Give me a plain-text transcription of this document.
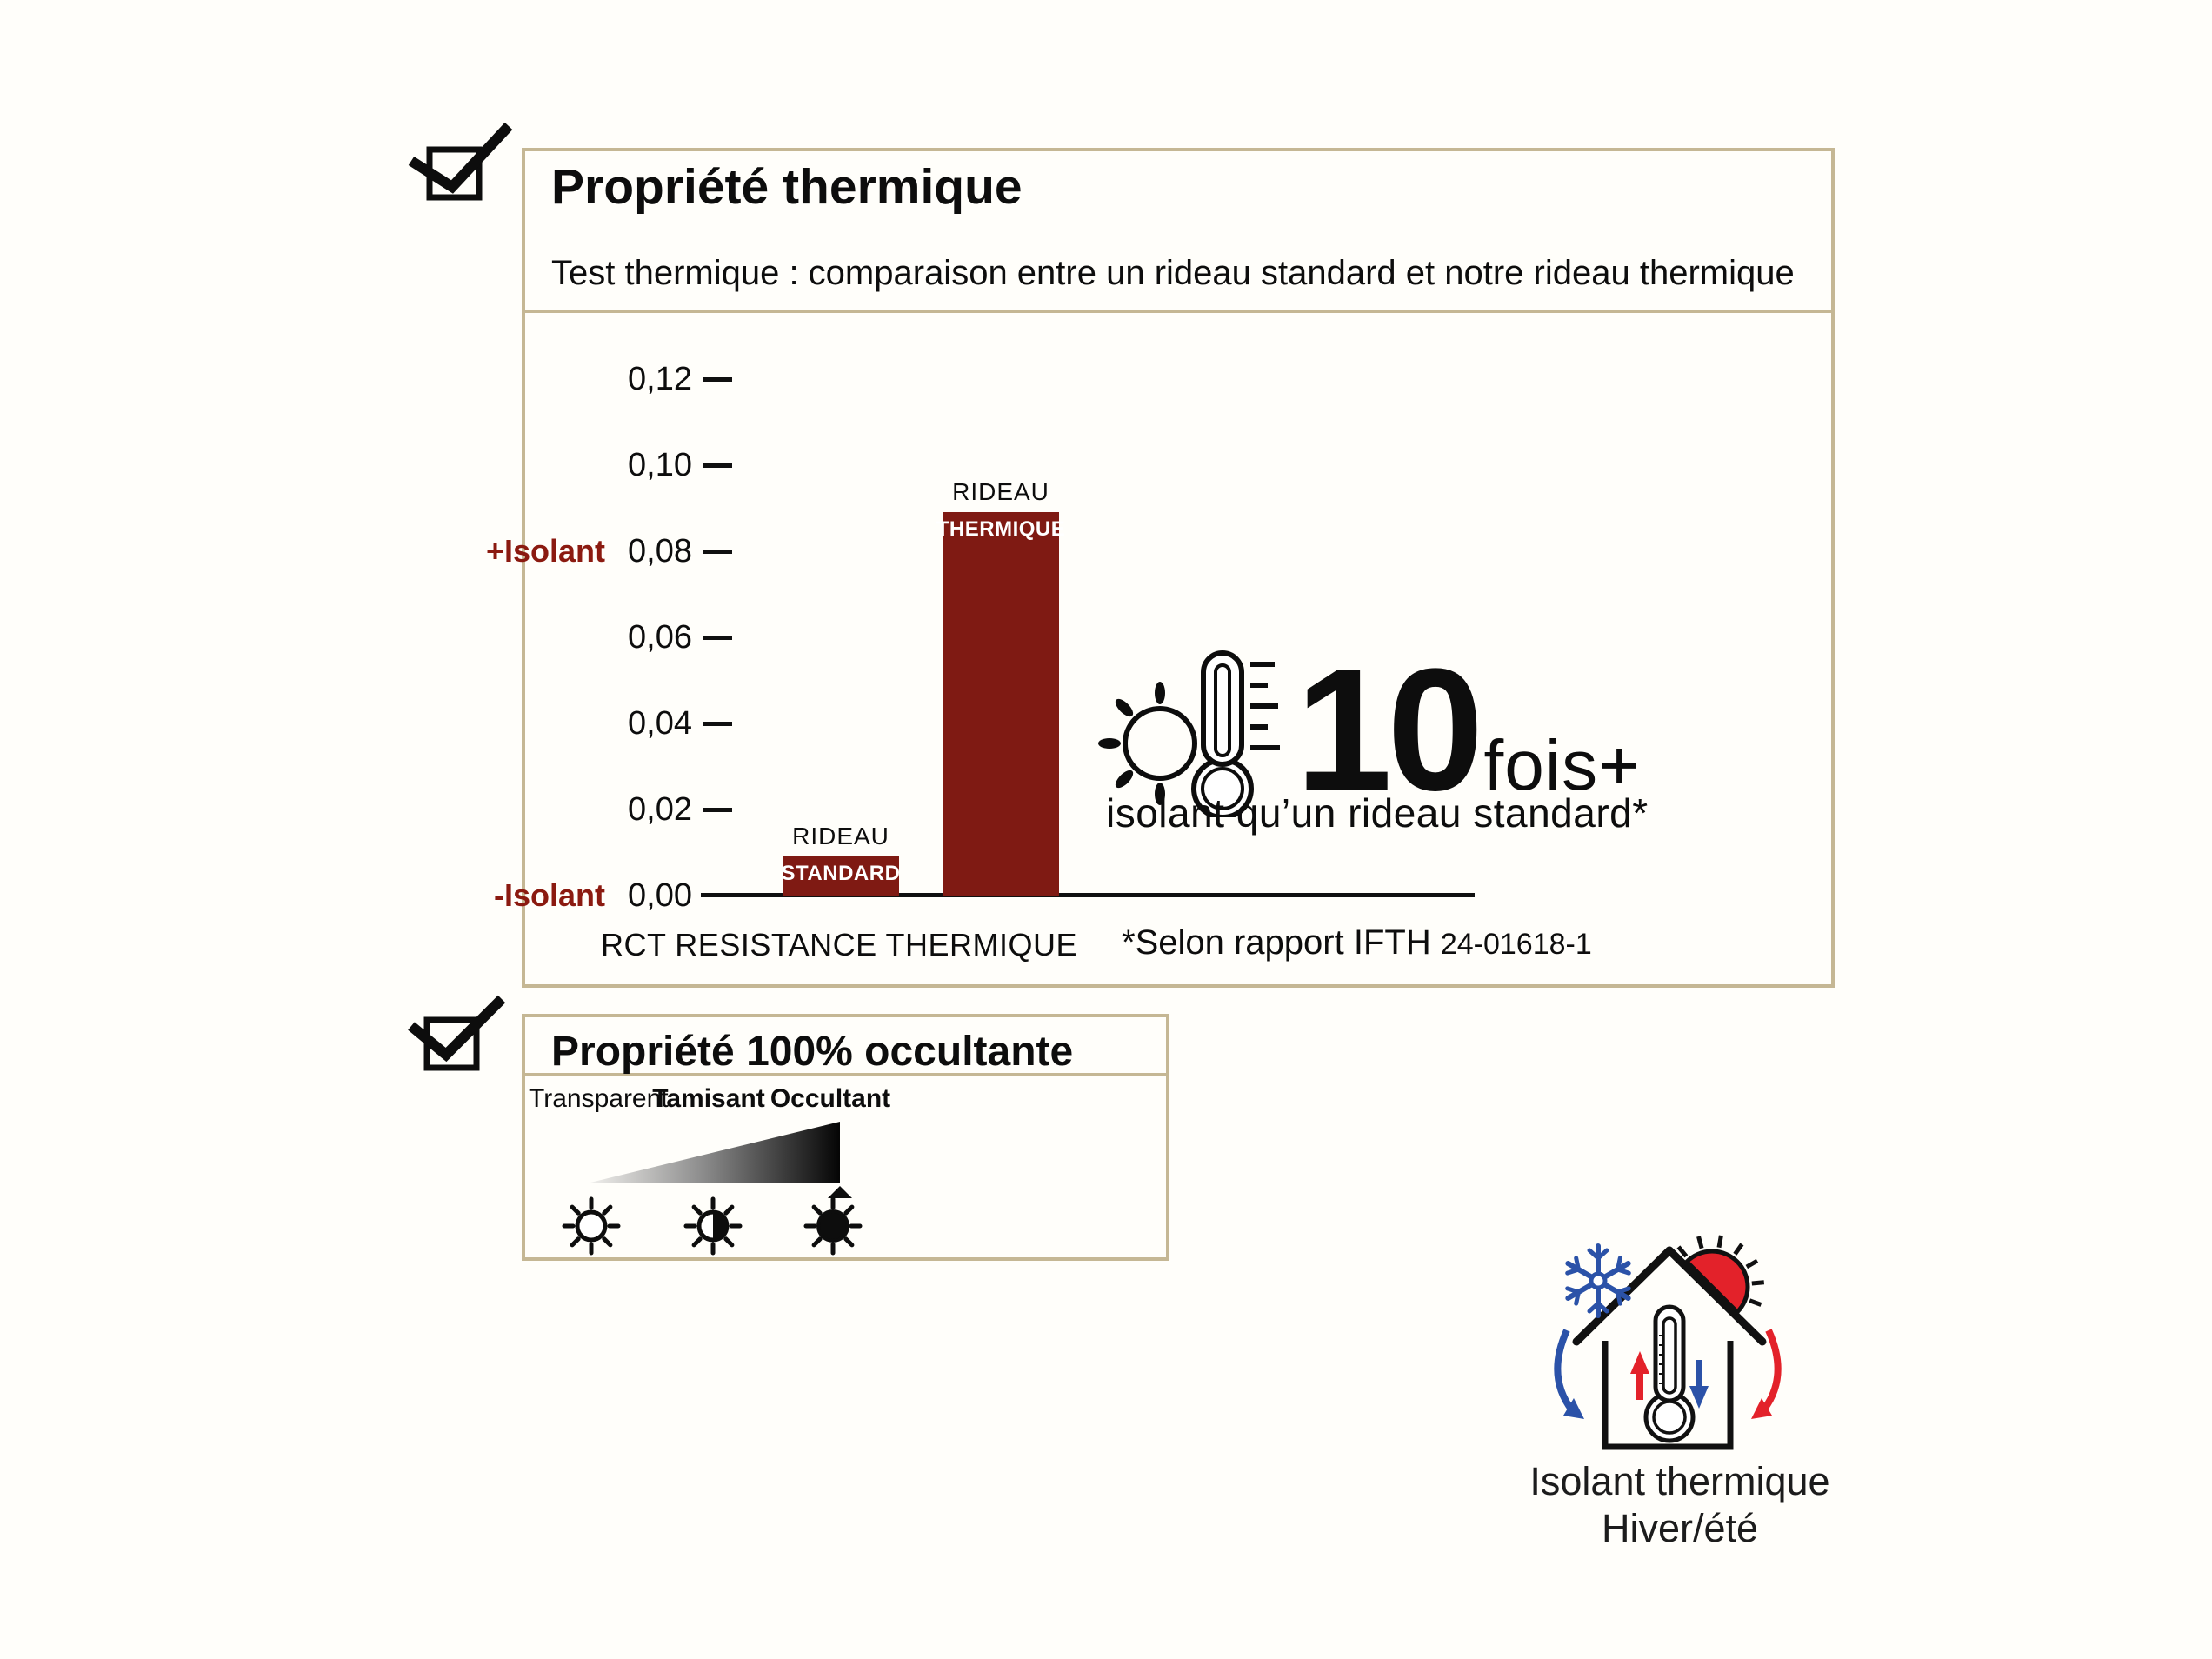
Propriété thermique
Test thermique : comparaison entre un rideau standard et notre rideau thermique
+Isolant
-Isolant
RCT RESISTANCE THERMIQUE
0,00
0,02
0,04
0,06
0,08
0,10
0,12
RIDEAU
STANDARD
RIDEAU
THERMIQUE
10 fois+
isolant qu’un rideau standard*
*Selon rapport IFTH 24-01618-1
Propriété 100% occultante
Transparent
Tamisant Occultant
Isolant thermique
Hiver/été
